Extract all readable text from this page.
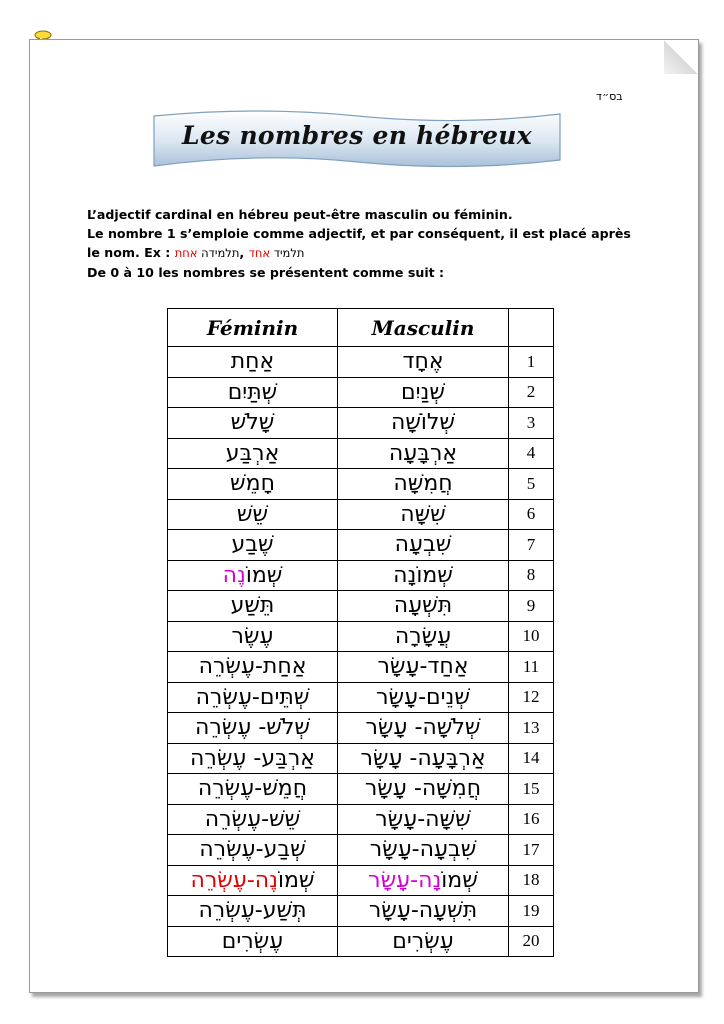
בס״ד
Les nombres en hébreux

L’adjectif cardinal en hébreu peut-être masculin ou féminin.

Le nombre 1 s’emploie comme adjectif, et par conséquent, il est placé après le nom. Ex : תלמידה אחת	, תלמיד אחד

De 0 à 10 les nombres se présentent comme suit :

Féminin	Masculin	
אַחַת	אֶחָד	1
שְׁתַּיִם	שְׁנַיִם	2
שָׁלֹשׁ	שְׁלוֹשָׁה	3
אַרְבַּע	אַרְבָּעָה	4
חָמֵשׁ	חֲמִשָּׁה	5
שֵׁשׁ	שִׁשָּׁה	6
שֶׁבַע	שִׁבְעָה	7
שְׁמוֹנֶה	שְׁמוֹנָה	8
תֵּשַׁע	תִּשְׁעָה	9
עֶשֶׂר	עֲשָׂרָה	10
אַחַת-עֶשְׂרֵה	אַחַד-עָשָׂר	11
שְׁתֵּים-עֶשְׂרֵה	שְׁנֵים-עָשָׂר	12
שְׁלֹשׁ- עֶשְׂרֵה	שְׁלֹשָׁה- עָשָׂר	13
אַרְבַּע- עֶשְׂרֵה	אַרְבָּעָה- עָשָׂר	14
חֲמֵשׁ-עֶשְׂרֵה	חֲמִשָּׁה- עָשָׂר	15
שֵׁשׁ-עֶשְׂרֵה	שִׁשָּׁה-עָשָׂר	16
שְׁבַע-עֶשְׂרֵה	שִׁבְעָה-עָשָׂר	17
שְׁמוֹנֶה-עֶשְׂרֵה	שְׁמוֹנָה-עָשָׂר	18
תְּשַׁע-עֶשְׂרֵה	תִּשְׁעָה-עָשָׂר	19
עֶשְׂרִים	עֶשְׂרִים	20
